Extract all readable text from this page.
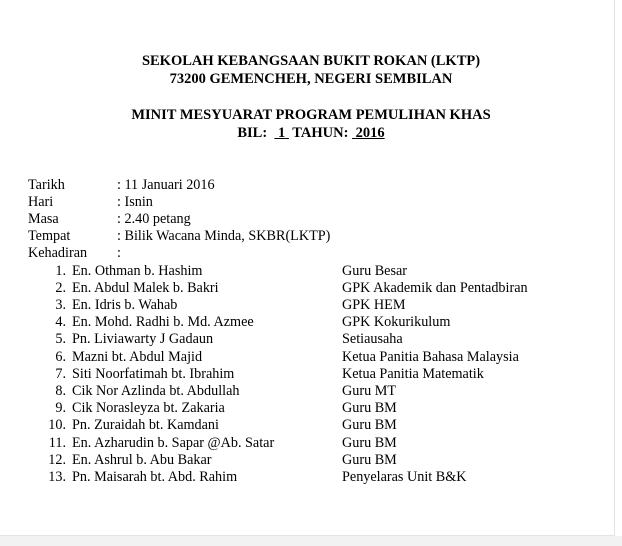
SEKOLAH KEBANGSAAN BUKIT ROKAN (LKTP)
73200 GEMENCHEH, NEGERI SEMBILAN
MINIT MESYUARAT PROGRAM PEMULIHAN KHAS
BIL: 1 TAHUN: 2016
Tarikh	: 11 Januari 2016
Hari	: Isnin
Masa	: 2.40 petang
Tempat	: Bilik Wacana Minda, SKBR(LKTP)
Kehadiran :
1. En. Othman b. Hashim	Guru Besar
2. En. Abdul Malek b. Bakri	GPK Akademik dan Pentadbiran
3. En. Idris b. Wahab	GPK HEM
4. En. Mohd. Radhi b. Md. Azmee	GPK Kokurikulum
5. Pn. Liviawarty J Gadaun	Setiausaha
6. Mazni bt. Abdul Majid	Ketua Panitia Bahasa Malaysia
7. Siti Noorfatimah bt. Ibrahim	Ketua Panitia Matematik
8. Cik Nor Azlinda bt. Abdullah	Guru MT
9. Cik Norasleyza bt. Zakaria	Guru BM
10. Pn. Zuraidah bt. Kamdani	Guru BM
11. En. Azharudin b. Sapar @Ab. Satar	Guru BM
12. En. Ashrul b. Abu Bakar	Guru BM
13. Pn. Maisarah bt. Abd. Rahim	Penyelaras Unit B&K
